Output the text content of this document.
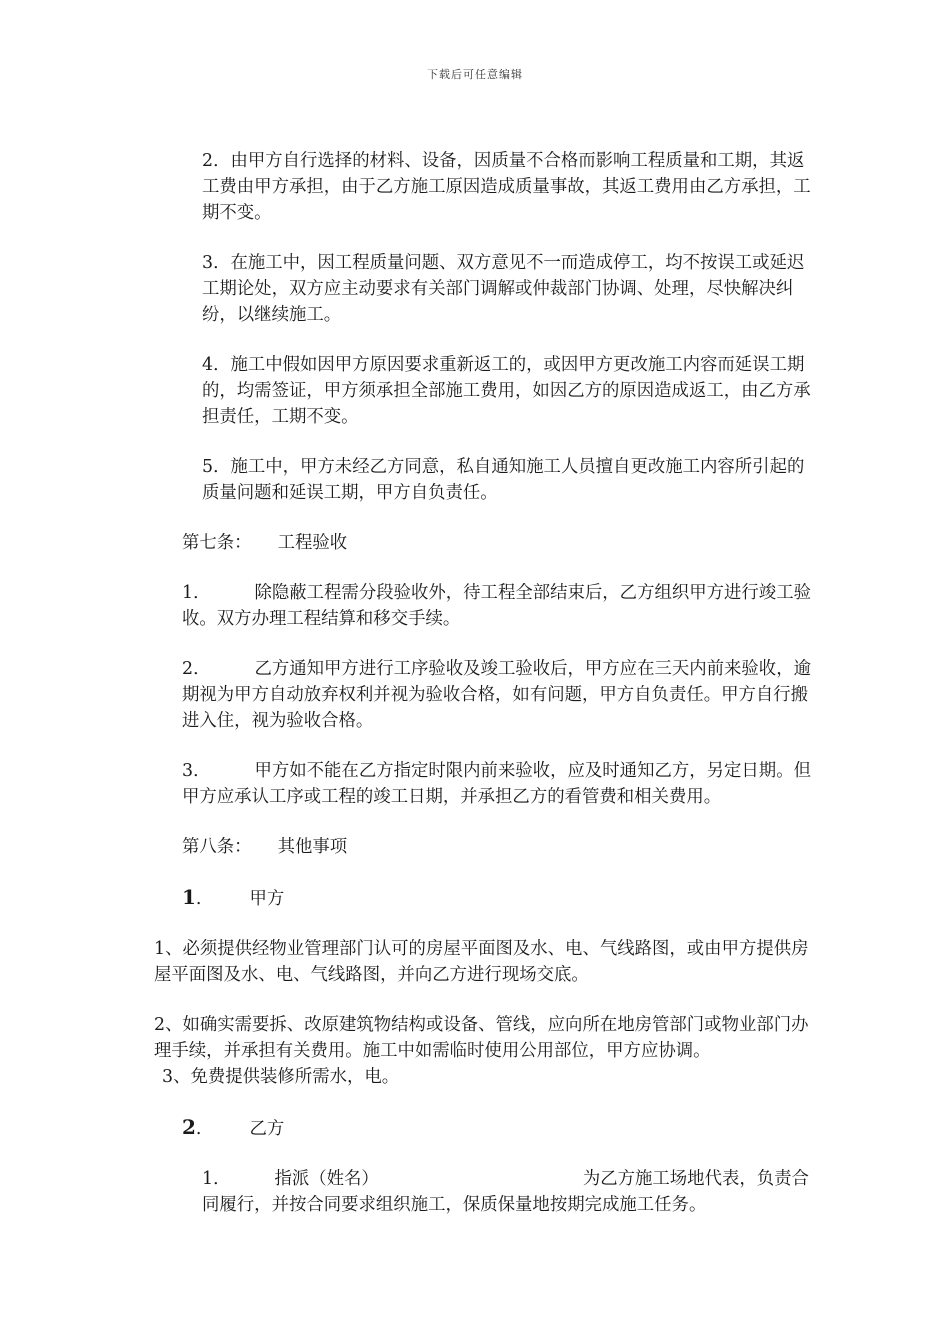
下载后可任意编辑

2．由甲方自行选择的材料、设备，因质量不合格而影响工程质量和工期，其返工费由甲方承担，由于乙方施工原因造成质量事故，其返工费用由乙方承担，工期不变。

3．在施工中，因工程质量问题、双方意见不一而造成停工，均不按误工或延迟工期论处，双方应主动要求有关部门调解或仲裁部门协调、处理，尽快解决纠纷，以继续施工。

4．施工中假如因甲方原因要求重新返工的，或因甲方更改施工内容而延误工期的，均需签证，甲方须承担全部施工费用，如因乙方的原因造成返工，由乙方承担责任，工期不变。

5．施工中，甲方未经乙方同意，私自通知施工人员擅自更改施工内容所引起的质量问题和延误工期，甲方自负责任。

第七条： 工程验收

1．	除隐蔽工程需分段验收外，待工程全部结束后，乙方组织甲方进行竣工验收。双方办理工程结算和移交手续。

2．	乙方通知甲方进行工序验收及竣工验收后，甲方应在三天内前来验收，逾期视为甲方自动放弃权利并视为验收合格，如有问题，甲方自负责任。甲方自行搬进入住，视为验收合格。

3．	甲方如不能在乙方指定时限内前来验收，应及时通知乙方，另定日期。但甲方应承认工序或工程的竣工日期，并承担乙方的看管费和相关费用。

第八条： 其他事项

1.	甲方

1、必须提供经物业管理部门认可的房屋平面图及水、电、气线路图，或由甲方提供房屋平面图及水、电、气线路图，并向乙方进行现场交底。

2、如确实需要拆、改原建筑物结构或设备、管线，应向所在地房管部门或物业部门办理手续，并承担有关费用。施工中如需临时使用公用部位，甲方应协调。

3、免费提供装修所需水，电。

2.	乙方

1．	指派（姓名）	为乙方施工场地代表，负责合同履行，并按合同要求组织施工，保质保量地按期完成施工任务。
